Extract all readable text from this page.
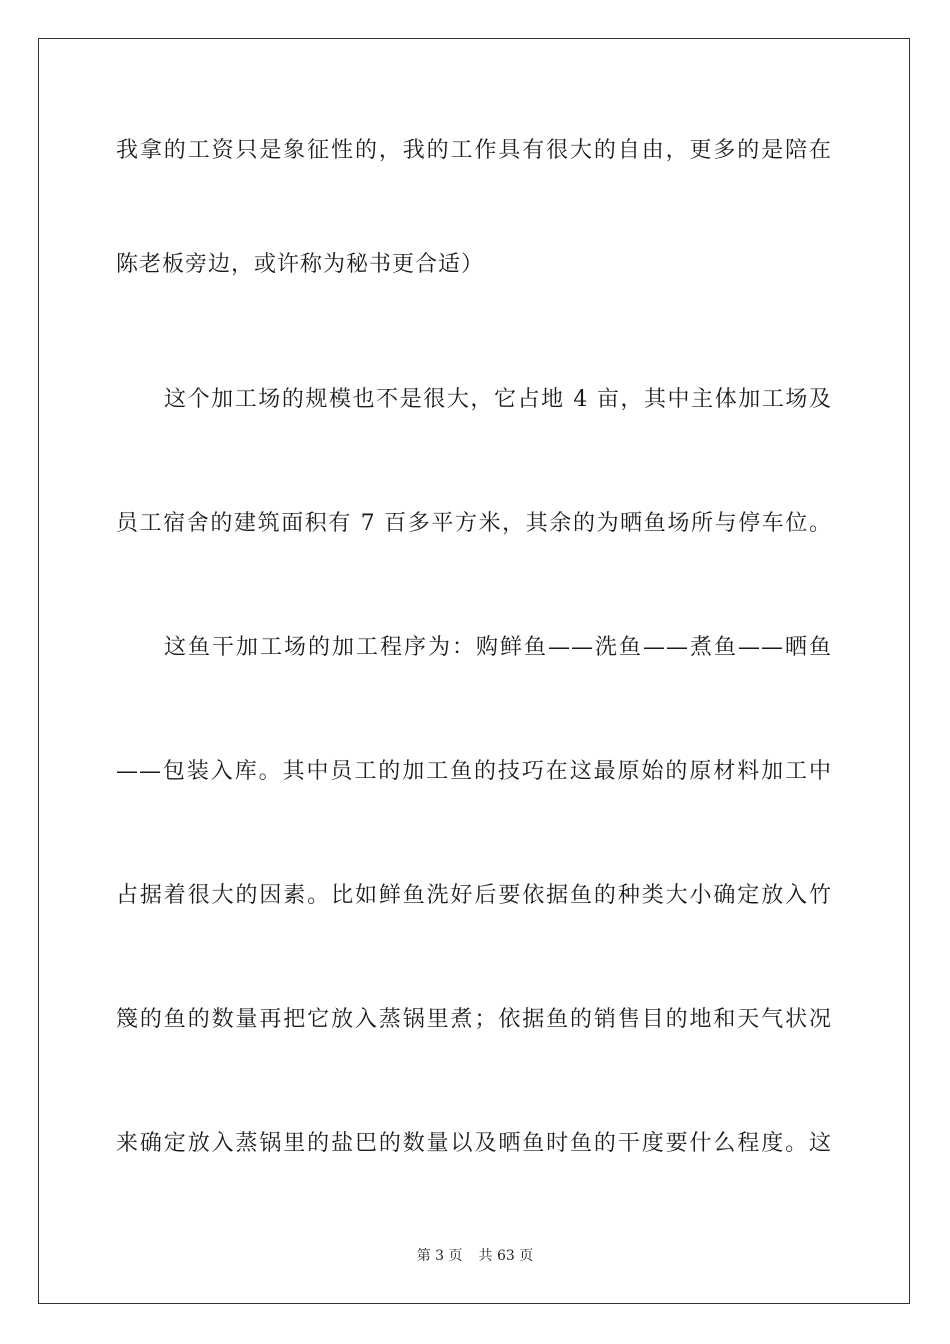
我拿的工资只是象征性的，我的工作具有很大的自由，更多的是陪在
陈老板旁边，或许称为秘书更合适）
这个加工场的规模也不是很大，它占地 4 亩，其中主体加工场及
员工宿舍的建筑面积有 7 百多平方米，其余的为晒鱼场所与停车位。
这鱼干加工场的加工程序为：购鲜鱼——洗鱼——煮鱼——晒鱼
——包装入库。其中员工的加工鱼的技巧在这最原始的原材料加工中
占据着很大的因素。比如鲜鱼洗好后要依据鱼的种类大小确定放入竹
篾的鱼的数量再把它放入蒸锅里煮；依据鱼的销售目的地和天气状况
来确定放入蒸锅里的盐巴的数量以及晒鱼时鱼的干度要什么程度。这
第 3 页 共 63 页
